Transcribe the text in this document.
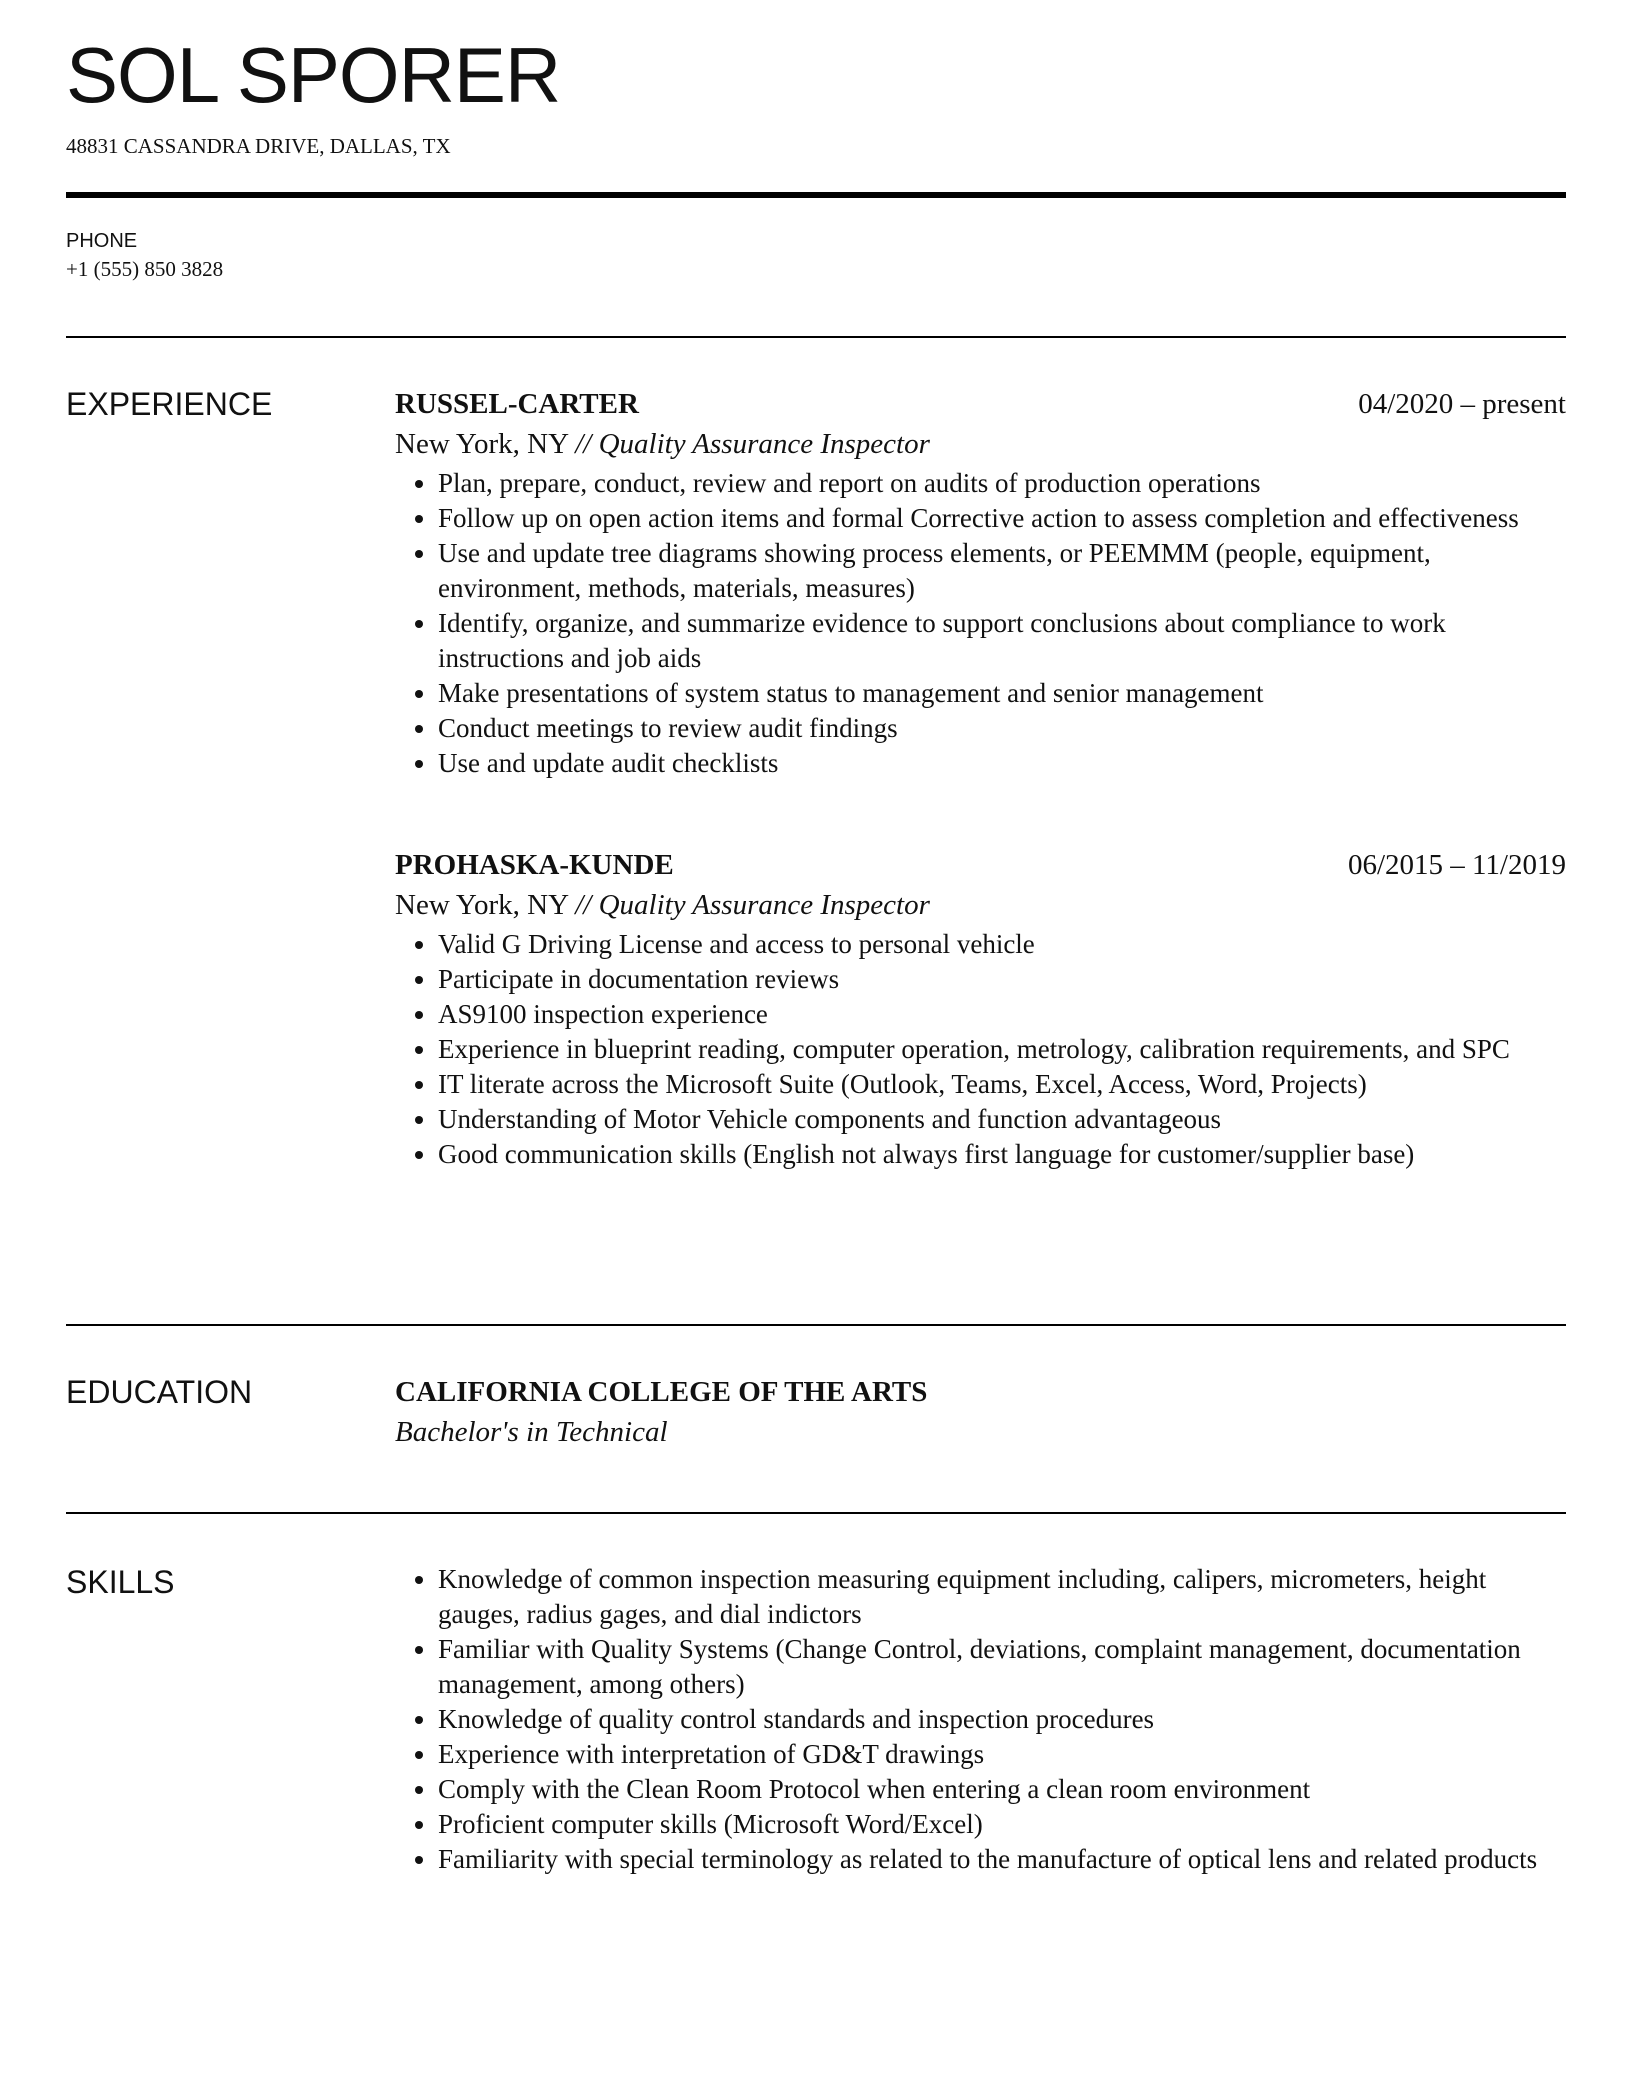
SOL SPORER
48831 CASSANDRA DRIVE, DALLAS, TX
PHONE
+1 (555) 850 3828
EXPERIENCE	RUSSEL-CARTER	04/2020 – present
New York, NY // Quality Assurance Inspector
• Plan, prepare, conduct, review and report on audits of production operations
• Follow up on open action items and formal Corrective action to assess completion and effectiveness
• Use and update tree diagrams showing process elements, or PEEMMM (people, equipment, environment, methods, materials, measures)
• Identify, organize, and summarize evidence to support conclusions about compliance to work instructions and job aids
• Make presentations of system status to management and senior management
• Conduct meetings to review audit findings
• Use and update audit checklists
PROHASKA-KUNDE	06/2015 – 11/2019
New York, NY // Quality Assurance Inspector
• Valid G Driving License and access to personal vehicle
• Participate in documentation reviews
• AS9100 inspection experience
• Experience in blueprint reading, computer operation, metrology, calibration requirements, and SPC
• IT literate across the Microsoft Suite (Outlook, Teams, Excel, Access, Word, Projects)
• Understanding of Motor Vehicle components and function advantageous
• Good communication skills (English not always first language for customer/supplier base)
EDUCATION	CALIFORNIA COLLEGE OF THE ARTS
Bachelor's in Technical
SKILLS
•	Knowledge of common inspection measuring equipment including, calipers, micrometers, height gauges, radius gages, and dial indictors
• Familiar with Quality Systems (Change Control, deviations, complaint management, documentation management, among others)
• Knowledge of quality control standards and inspection procedures
• Experience with interpretation of GD&T drawings
• Comply with the Clean Room Protocol when entering a clean room environment
• Proficient computer skills (Microsoft Word/Excel)
• Familiarity with special terminology as related to the manufacture of optical lens and related products
